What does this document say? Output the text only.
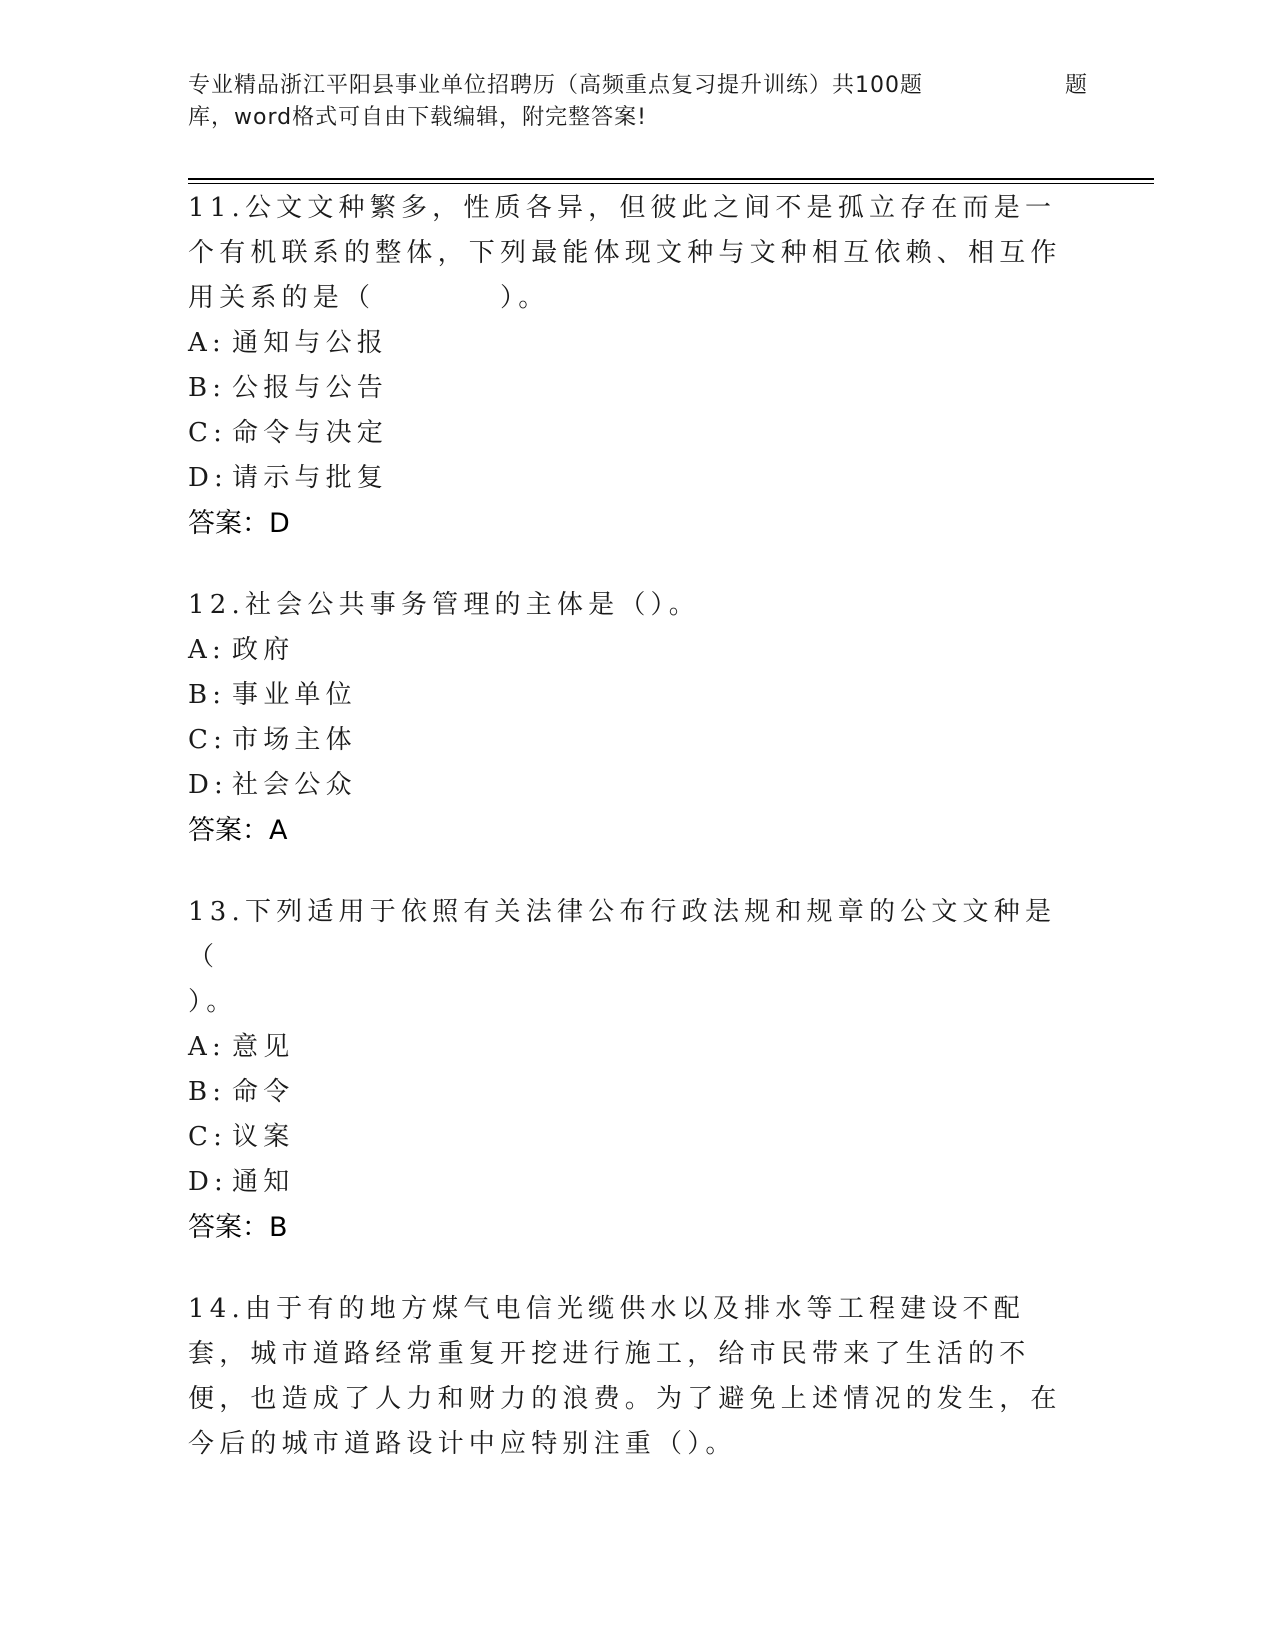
专业精品浙江平阳县事业单位招聘历（高频重点复习提升训练）共100题	题
库，word格式可自由下载编辑，附完整答案!
11.公文文种繁多，性质各异，但彼此之间不是孤立存在而是一个有机联系的整体，下列最能体现文种与文种相互依赖、相互作用关系的是（　　　　）。
A: 通知与公报
B: 公报与公告
C: 命令与决定
D: 请示与批复
答案：D
12.社会公共事务管理的主体是（）。
A: 政府
B: 事业单位
C: 市场主体
D: 社会公众
答案：A
13.下列适用于依照有关法律公布行政法规和规章的公文文种是（
）。
A: 意见
B: 命令
C: 议案
D: 通知
答案：B
14.由于有的地方煤气电信光缆供水以及排水等工程建设不配套，城市道路经常重复开挖进行施工，给市民带来了生活的不便，也造成了人力和财力的浪费。为了避免上述情况的发生，在今后的城市道路设计中应特别注重（）。
